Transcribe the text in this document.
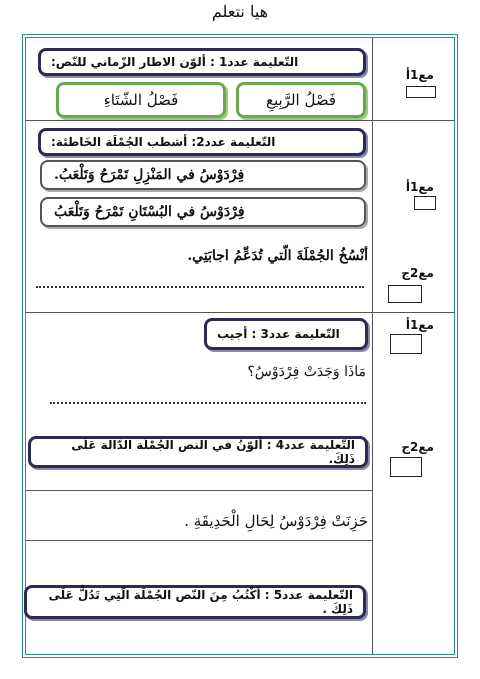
هيا نتعلم
التّعليمة عدد1 : ألوّن الاطار الزّماني للنّص:
فَصْلُ الرَّبِيعِ
فَصْلُ الشّتَاءِ
مع1أ
التّعليمة عدد2: أشطب الجُمْلَة الخَاطئة:
فِرْدَوْسُ في المَنْزِلِ تَمْرَحُ وَتَلْعَبُ.
فِرْدَوْسُ في البُسْتَانِ تَمْرَحُ وَتَلْعَبُ
مع1أ
أنْسُخُ الجُمْلَةَ الّتي تُدَعِّمُ اجابَتِي.
مع2ج
التّعليمة عدد3 : أجيب
مَاذَا وَجَدَتْ فِرْدَوْسُ؟
مع1أ
التّعليمة عدد4 : ألوّنُ في النص الجُمْلَة الدّالة عَلَى ذَلِكَ.
مع2ج
حَزِنَتْ فِرْدَوْسُ لِحَالِ الْحَدِيقَةِ .
التّعليمة عدد5 : أكْتُبُ مِنَ النّص الجُمْلَة الّتِي تَدُلُّ عَلَى ذَلِكَ .
